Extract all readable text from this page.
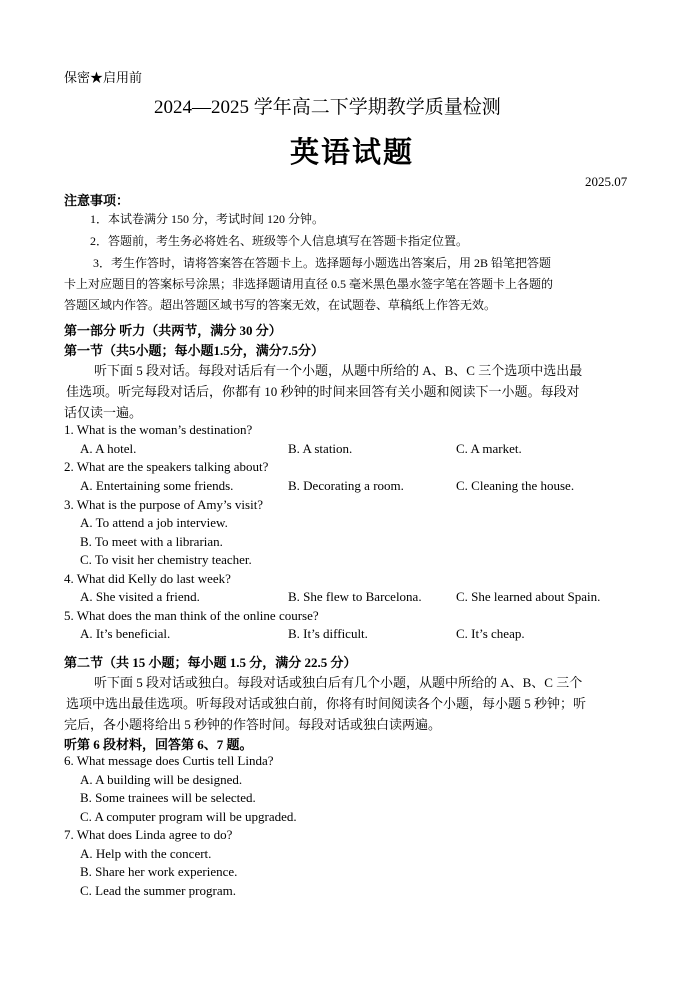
保密★启用前
2024—2025 学年高二下学期教学质量检测
英语试题
2025.07
注意事项：
1．本试卷满分 150 分，考试时间 120 分钟。
2．答题前，考生务必将姓名、班级等个人信息填写在答题卡指定位置。
3．考生作答时，请将答案答在答题卡上。选择题每小题选出答案后，用 2B 铅笔把答题
卡上对应题目的答案标号涂黑；非选择题请用直径 0.5 毫米黑色墨水签字笔在答题卡上各题的
答题区域内作答。超出答题区域书写的答案无效，在试题卷、草稿纸上作答无效。
第一部分 听力（共两节，满分 30 分）
第一节（共5小题；每小题1.5分，满分7.5分）
听下面 5 段对话。每段对话后有一个小题，从题中所给的 A、B、C 三个选项中选出最
佳选项。听完每段对话后，你都有 10 秒钟的时间来回答有关小题和阅读下一小题。每段对
话仅读一遍。
1. What is the woman’s destination?
A. A hotel.	B. A station.	C. A market.
2. What are the speakers talking about?
A. Entertaining some friends.	B. Decorating a room.	C. Cleaning the house.
3. What is the purpose of Amy’s visit?
A. To attend a job interview.
B. To meet with a librarian.
C. To visit her chemistry teacher.
4. What did Kelly do last week?
A. She visited a friend.	B. She flew to Barcelona.	C. She learned about Spain.
5. What does the man think of the online course?
A. It’s beneficial.	B. It’s difficult.	C. It’s cheap.
第二节（共 15 小题；每小题 1.5 分，满分 22.5 分）
听下面 5 段对话或独白。每段对话或独白后有几个小题，从题中所给的 A、B、C 三个
选项中选出最佳选项。听每段对话或独白前，你将有时间阅读各个小题，每小题 5 秒钟；听
完后，各小题将给出 5 秒钟的作答时间。每段对话或独白读两遍。
听第 6 段材料，回答第 6、7 题。
6. What message does Curtis tell Linda?
A. A building will be designed.
B. Some trainees will be selected.
C. A computer program will be upgraded.
7. What does Linda agree to do?
A. Help with the concert.
B. Share her work experience.
C. Lead the summer program.
